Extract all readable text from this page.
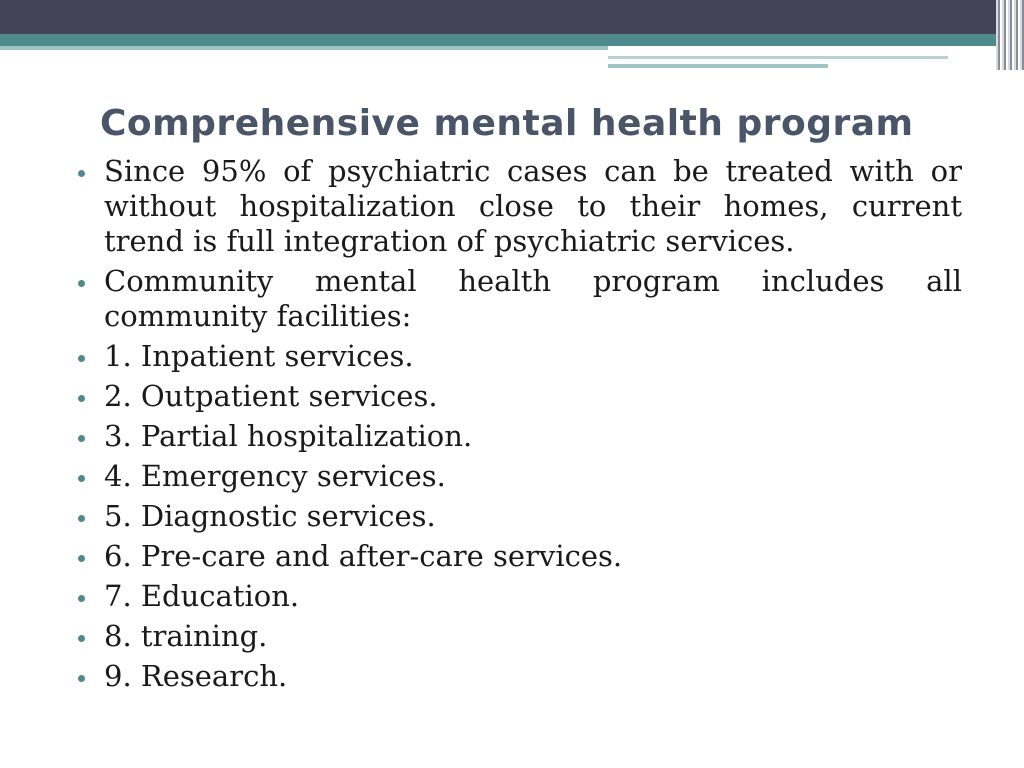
Comprehensive mental health program
Since 95% of psychiatric cases can be treated with or without hospitalization close to their homes, current trend is full integration of psychiatric services.
Community mental health program includes all community facilities:
1. Inpatient services.
2. Outpatient services.
3. Partial hospitalization.
4. Emergency services.
5. Diagnostic services.
6. Pre-care and after-care services.
7. Education.
8. training.
9. Research.
